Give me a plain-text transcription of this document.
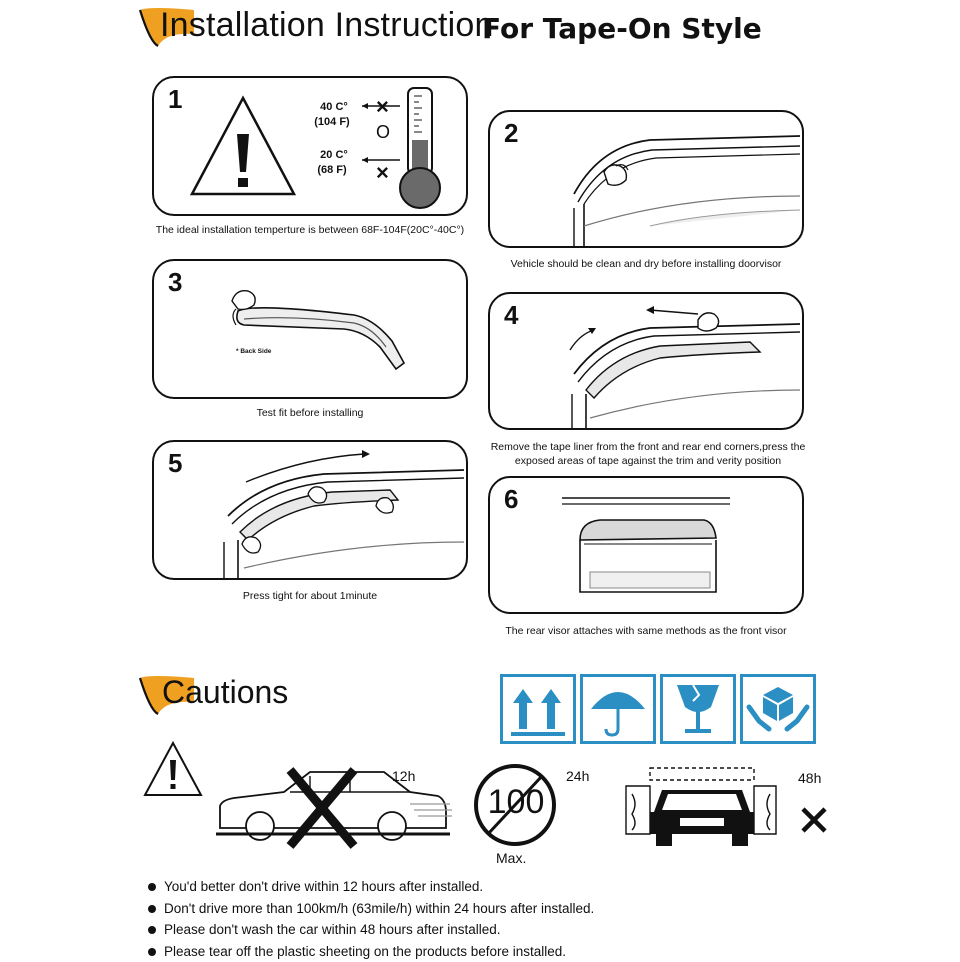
Installation Instruction
For Tape-On Style
1	40 C°
(104 F)
20 C°
(68 F)
×
O
×
The ideal installation temperture is between 68F-104F(20C°-40C°)
2
Vehicle should be clean and dry before installing doorvisor
3
* Back Side
Test fit before installing
4
Remove the tape liner from the front and rear end corners,press the
exposed areas of tape against the trim and verity position
5
Press tight for about 1minute
6
The rear visor attaches with same methods as the front visor
Cautions
12h
100
Max.
24h	48h
You'd better don't drive within 12 hours after installed.
Don't drive more than 100km/h (63mile/h) within 24 hours after installed.
Please don't wash the car within 48 hours after installed.
Please tear off the plastic sheeting on the products before installed.
